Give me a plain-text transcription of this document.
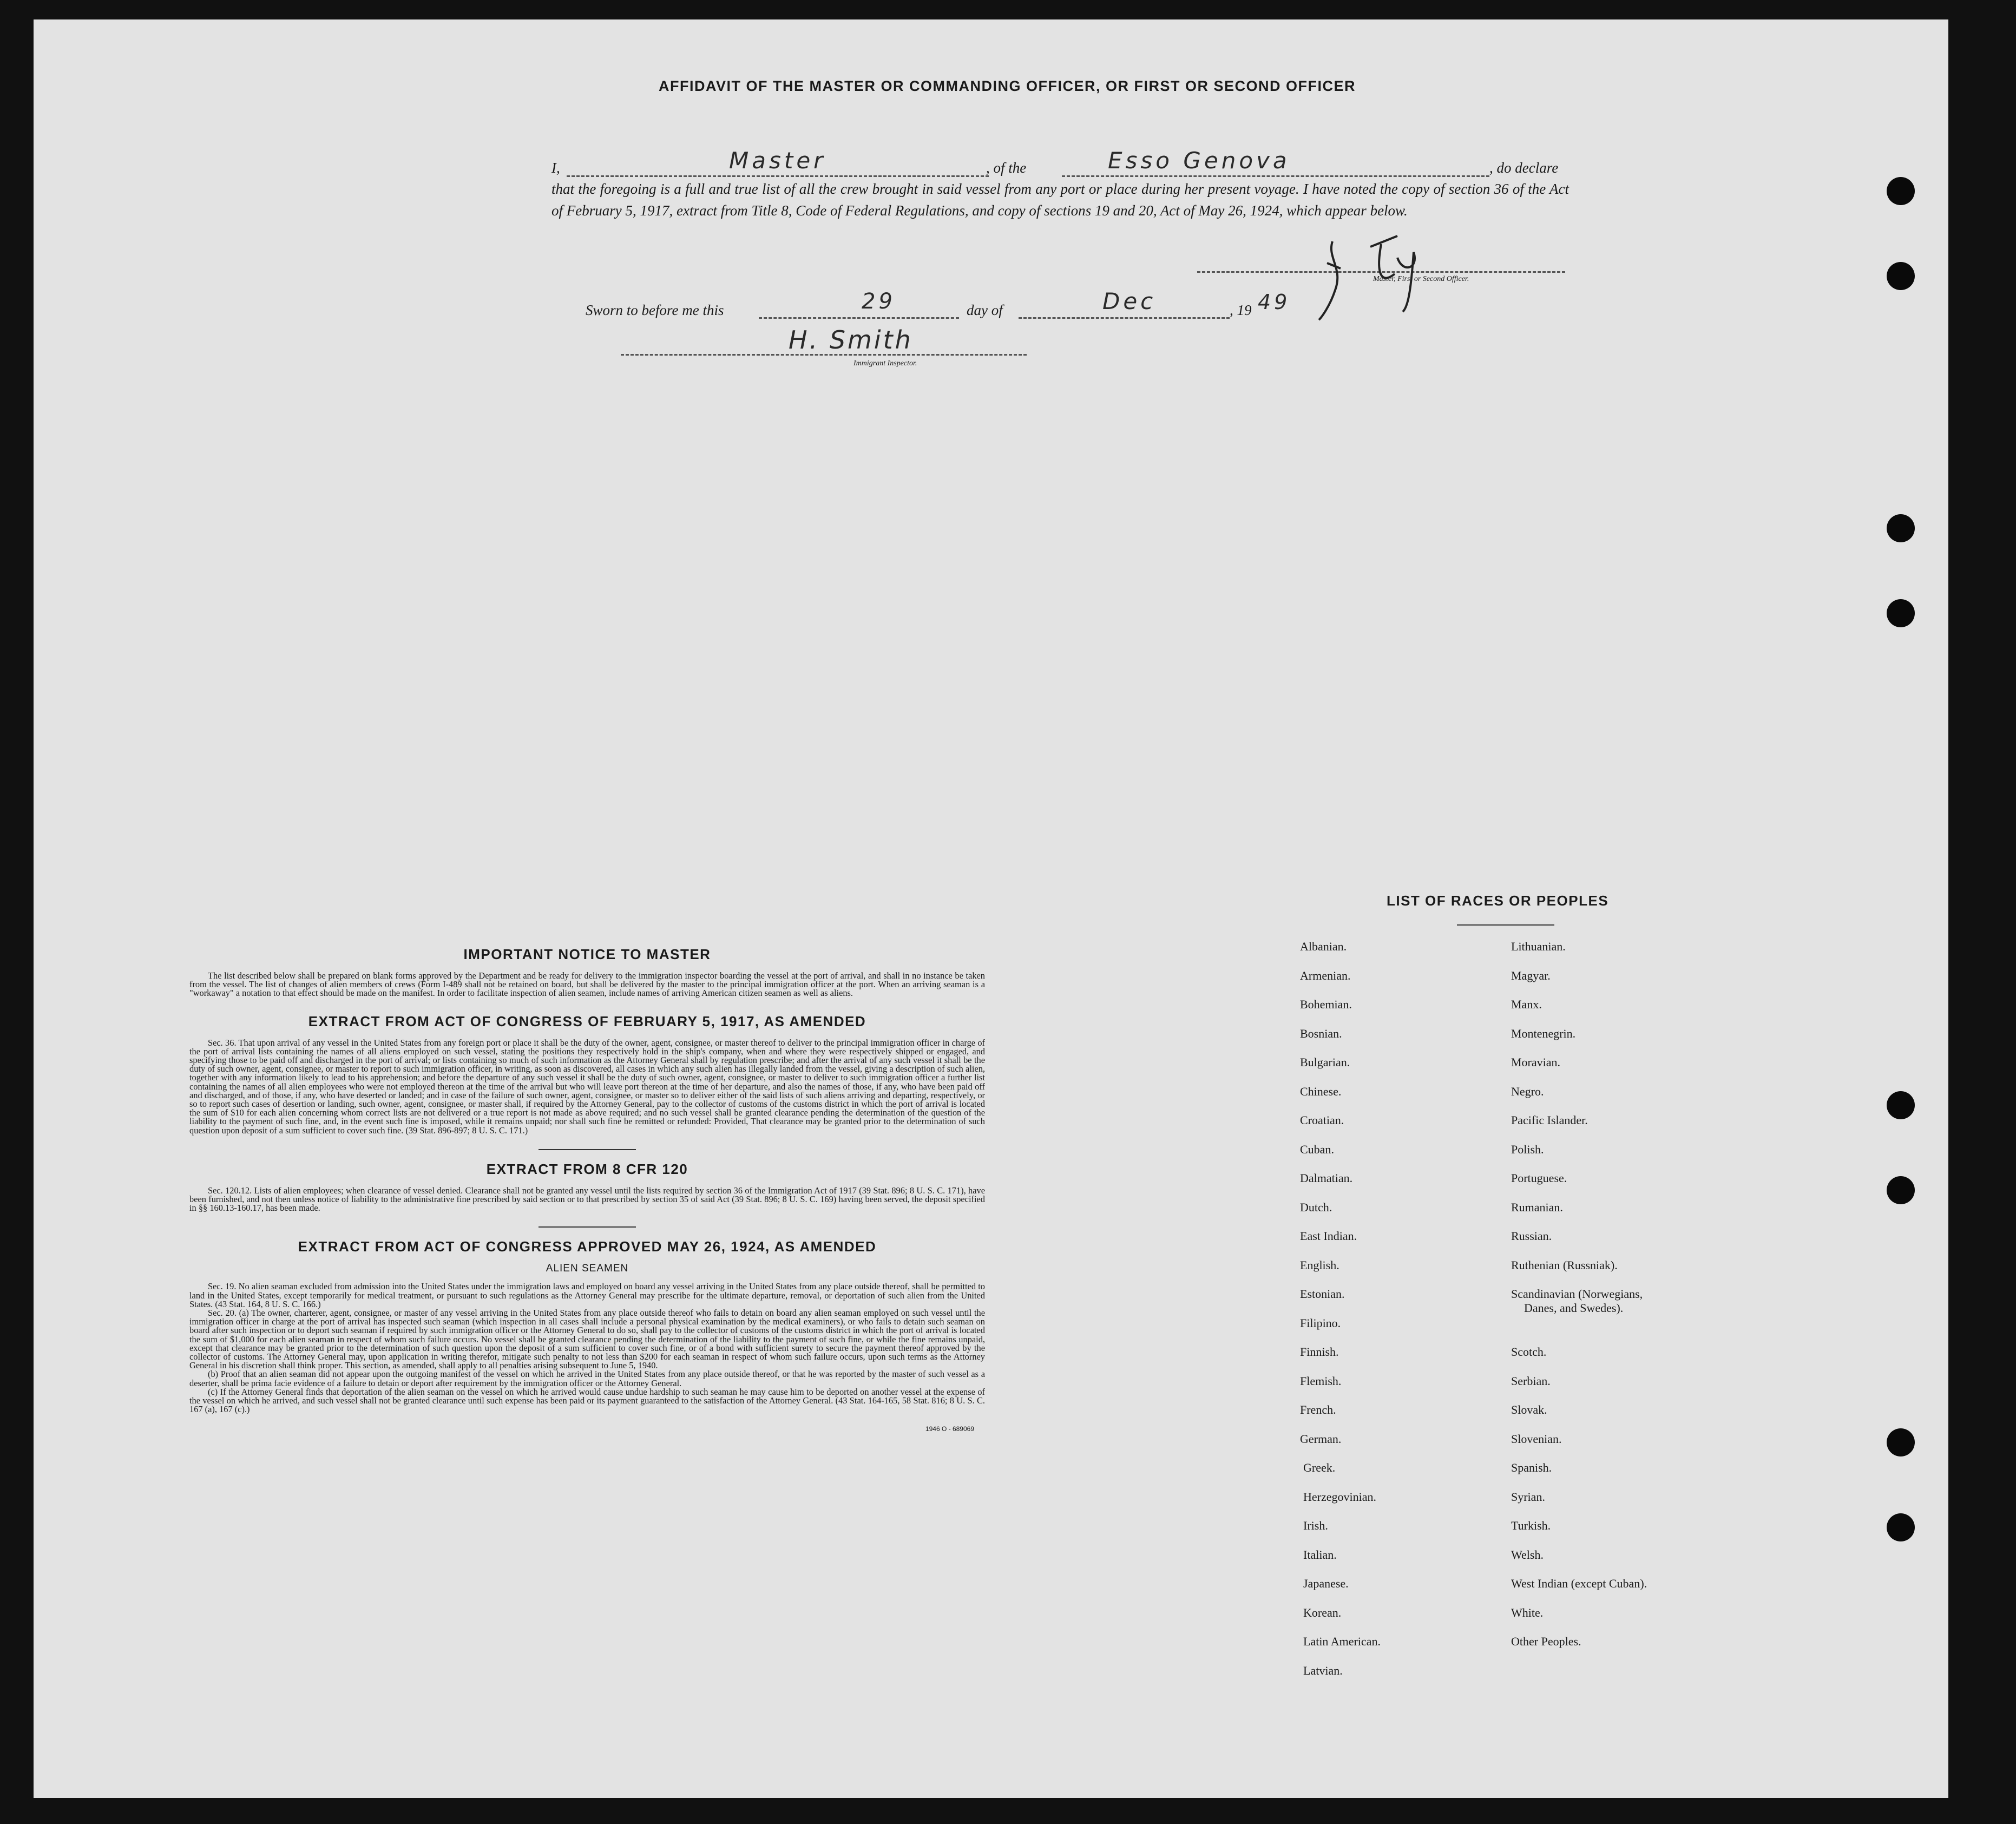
AFFIDAVIT OF THE MASTER OR COMMANDING OFFICER, OR FIRST OR SECOND OFFICER
I,	Master	, of the	Esso Genova	, do declare
that the foregoing is a full and true list of all the crew brought in said vessel from any port or place during her present voyage. I have noted the copy of section 36 of the Act of February 5, 1917, extract from Title 8, Code of Federal Regulations, and copy of sections 19 and 20, Act of May 26, 1924, which appear below.
Master, First or Second Officer.
Sworn to before me this	29	day of	Dec	, 19 49
H. Smith
Immigrant Inspector.
IMPORTANT NOTICE TO MASTER

The list described below shall be prepared on blank forms approved by the Department and be ready for delivery to the immigration inspector boarding the vessel at the port of arrival, and shall in no instance be taken from the vessel. The list of changes of alien members of crews (Form I-489 shall not be retained on board, but shall be delivered by the master to the principal immigration officer at the port. When an arriving seaman is a "workaway" a notation to that effect should be made on the manifest. In order to facilitate inspection of alien seamen, include names of arriving American citizen seamen as well as aliens.

EXTRACT FROM ACT OF CONGRESS OF FEBRUARY 5, 1917, AS AMENDED

Sec. 36. That upon arrival of any vessel in the United States from any foreign port or place it shall be the duty of the owner, agent, consignee, or master thereof to deliver to the principal immigration officer in charge of the port of arrival lists containing the names of all aliens employed on such vessel, stating the positions they respectively hold in the ship's company, when and where they were respectively shipped or engaged, and specifying those to be paid off and discharged in the port of arrival; or lists containing so much of such information as the Attorney General shall by regulation prescribe; and after the arrival of any such vessel it shall be the duty of such owner, agent, consignee, or master to report to such immigration officer, in writing, as soon as discovered, all cases in which any such alien has illegally landed from the vessel, giving a description of such alien, together with any information likely to lead to his apprehension; and before the departure of any such vessel it shall be the duty of such owner, agent, consignee, or master to deliver to such immigration officer a further list containing the names of all alien employees who were not employed thereon at the time of the arrival but who will leave port thereon at the time of her departure, and also the names of those, if any, who have been paid off and discharged, and of those, if any, who have deserted or landed; and in case of the failure of such owner, agent, consignee, or master so to deliver either of the said lists of such aliens arriving and departing, respectively, or so to report such cases of desertion or landing, such owner, agent, consignee, or master shall, if required by the Attorney General, pay to the collector of customs of the customs district in which the port of arrival is located the sum of $10 for each alien concerning whom correct lists are not delivered or a true report is not made as above required; and no such vessel shall be granted clearance pending the determination of the question of the liability to the payment of such fine, and, in the event such fine is imposed, while it remains unpaid; nor shall such fine be remitted or refunded: Provided, That clearance may be granted prior to the determination of such question upon deposit of a sum sufficient to cover such fine. (39 Stat. 896-897; 8 U. S. C. 171.)

EXTRACT FROM 8 CFR 120

Sec. 120.12. Lists of alien employees; when clearance of vessel denied. Clearance shall not be granted any vessel until the lists required by section 36 of the Immigration Act of 1917 (39 Stat. 896; 8 U. S. C. 171), have been furnished, and not then unless notice of liability to the administrative fine prescribed by said section or to that prescribed by section 35 of said Act (39 Stat. 896; 8 U. S. C. 169) having been served, the deposit specified in §§ 160.13-160.17, has been made.

EXTRACT FROM ACT OF CONGRESS APPROVED MAY 26, 1924, AS AMENDED
ALIEN SEAMEN

Sec. 19. No alien seaman excluded from admission into the United States under the immigration laws and employed on board any vessel arriving in the United States from any place outside thereof, shall be permitted to land in the United States, except temporarily for medical treatment, or pursuant to such regulations as the Attorney General may prescribe for the ultimate departure, removal, or deportation of such alien from the United States. (43 Stat. 164, 8 U. S. C. 166.)

Sec. 20. (a) The owner, charterer, agent, consignee, or master of any vessel arriving in the United States from any place outside thereof who fails to detain on board any alien seaman employed on such vessel until the immigration officer in charge at the port of arrival has inspected such seaman (which inspection in all cases shall include a personal physical examination by the medical examiners), or who fails to detain such seaman on board after such inspection or to deport such seaman if required by such immigration officer or the Attorney General to do so, shall pay to the collector of customs of the customs district in which the port of arrival is located the sum of $1,000 for each alien seaman in respect of whom such failure occurs. No vessel shall be granted clearance pending the determination of the liability to the payment of such fine, or while the fine remains unpaid, except that clearance may be granted prior to the determination of such question upon the deposit of a sum sufficient to cover such fine, or of a bond with sufficient surety to secure the payment thereof approved by the collector of customs. The Attorney General may, upon application in writing therefor, mitigate such penalty to not less than $200 for each seaman in respect of whom such failure occurs, upon such terms as the Attorney General in his discretion shall think proper. This section, as amended, shall apply to all penalties arising subsequent to June 5, 1940.

(b) Proof that an alien seaman did not appear upon the outgoing manifest of the vessel on which he arrived in the United States from any place outside thereof, or that he was reported by the master of such vessel as a deserter, shall be prima facie evidence of a failure to detain or deport after requirement by the immigration officer or the Attorney General.

(c) If the Attorney General finds that deportation of the alien seaman on the vessel on which he arrived would cause undue hardship to such seaman he may cause him to be deported on another vessel at the expense of the vessel on which he arrived, and such vessel shall not be granted clearance until such expense has been paid or its payment guaranteed to the satisfaction of the Attorney General. (43 Stat. 164-165, 58 Stat. 816; 8 U. S. C. 167 (a), 167 (c).)

1946 O - 689069
LIST OF RACES OR PEOPLES
Albanian.
Armenian.
Bohemian.
Bosnian.
Bulgarian.
Chinese.
Croatian.
Cuban.
Dalmatian.
Dutch.
East Indian.
English.
Estonian.
Filipino.
Finnish.
Flemish.
French.
German.
Greek.
Herzegovinian.
Irish.
Italian.
Japanese.
Korean.
Latin American.
Latvian.
Lithuanian.
Magyar.
Manx.
Montenegrin.
Moravian.
Negro.
Pacific Islander.
Polish.
Portuguese.
Rumanian.
Russian.
Ruthenian (Russniak).
Scandinavian (Norwegians,
Danes, and Swedes).
Scotch.
Serbian.
Slovak.
Slovenian.
Spanish.
Syrian.
Turkish.
Welsh.
West Indian (except Cuban).
White.
Other Peoples.
